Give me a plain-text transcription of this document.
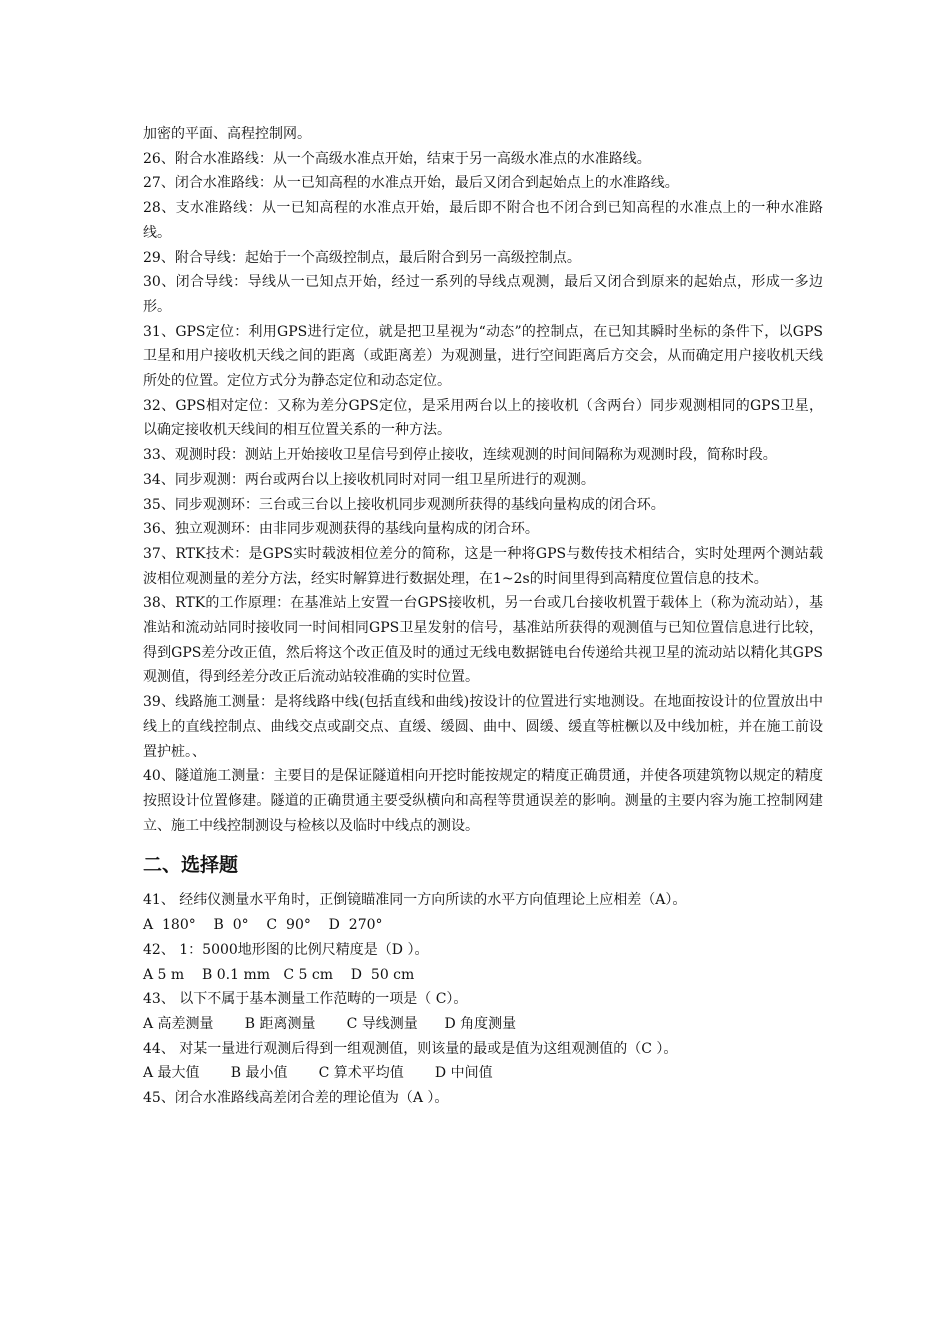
加密的平面、高程控制网。

26、附合水准路线：从一个高级水准点开始，结束于另一高级水准点的水准路线。

27、闭合水准路线：从一已知高程的水准点开始，最后又闭合到起始点上的水准路线。

28、支水准路线：从一已知高程的水准点开始，最后即不附合也不闭合到已知高程的水准点上的一种水准路线。

29、附合导线：起始于一个高级控制点，最后附合到另一高级控制点。

30、闭合导线：导线从一已知点开始，经过一系列的导线点观测，最后又闭合到原来的起始点，形成一多边形。

31、GPS定位：利用GPS进行定位，就是把卫星视为“动态”的控制点，在已知其瞬时坐标的条件下，以GPS卫星和用户接收机天线之间的距离（或距离差）为观测量，进行空间距离后方交会，从而确定用户接收机天线所处的位置。定位方式分为静态定位和动态定位。

32、GPS相对定位：又称为差分GPS定位，是采用两台以上的接收机（含两台）同步观测相同的GPS卫星，以确定接收机天线间的相互位置关系的一种方法。

33、观测时段：测站上开始接收卫星信号到停止接收，连续观测的时间间隔称为观测时段，简称时段。

34、同步观测：两台或两台以上接收机同时对同一组卫星所进行的观测。

35、同步观测环：三台或三台以上接收机同步观测所获得的基线向量构成的闭合环。

36、独立观测环：由非同步观测获得的基线向量构成的闭合环。

37、RTK技术：是GPS实时载波相位差分的简称，这是一种将GPS与数传技术相结合，实时处理两个测站载波相位观测量的差分方法，经实时解算进行数据处理，在1~2s的时间里得到高精度位置信息的技术。

38、RTK的工作原理：在基准站上安置一台GPS接收机，另一台或几台接收机置于载体上（称为流动站），基准站和流动站同时接收同一时间相同GPS卫星发射的信号，基准站所获得的观测值与已知位置信息进行比较，得到GPS差分改正值，然后将这个改正值及时的通过无线电数据链电台传递给共视卫星的流动站以精化其GPS观测值，得到经差分改正后流动站较准确的实时位置。

39、线路施工测量：是将线路中线(包括直线和曲线)按设计的位置进行实地测设。在地面按设计的位置放出中线上的直线控制点、曲线交点或副交点、直缓、缓圆、曲中、圆缓、缓直等桩橛以及中线加桩，并在施工前设置护桩。、

40、隧道施工测量：主要目的是保证隧道相向开挖时能按规定的精度正确贯通，并使各项建筑物以规定的精度按照设计位置修建。隧道的正确贯通主要受纵横向和高程等贯通误差的影响。测量的主要内容为施工控制网建立、施工中线控制测设与检核以及临时中线点的测设。

二、选择题

41、 经纬仪测量水平角时，正倒镜瞄准同一方向所读的水平方向值理论上应相差（A）。

A  180°    B  0°    C  90°    D  270°

42、 1：5000地形图的比例尺精度是（D ）。

A 5 m    B 0.1 mm   C 5 cm    D  50 cm

43、 以下不属于基本测量工作范畴的一项是（ C）。

A 高差测量       B 距离测量       C 导线测量      D 角度测量

44、 对某一量进行观测后得到一组观测值，则该量的最或是值为这组观测值的（C ）。

A 最大值       B 最小值       C 算术平均值       D 中间值

45、闭合水准路线高差闭合差的理论值为（A ）。
